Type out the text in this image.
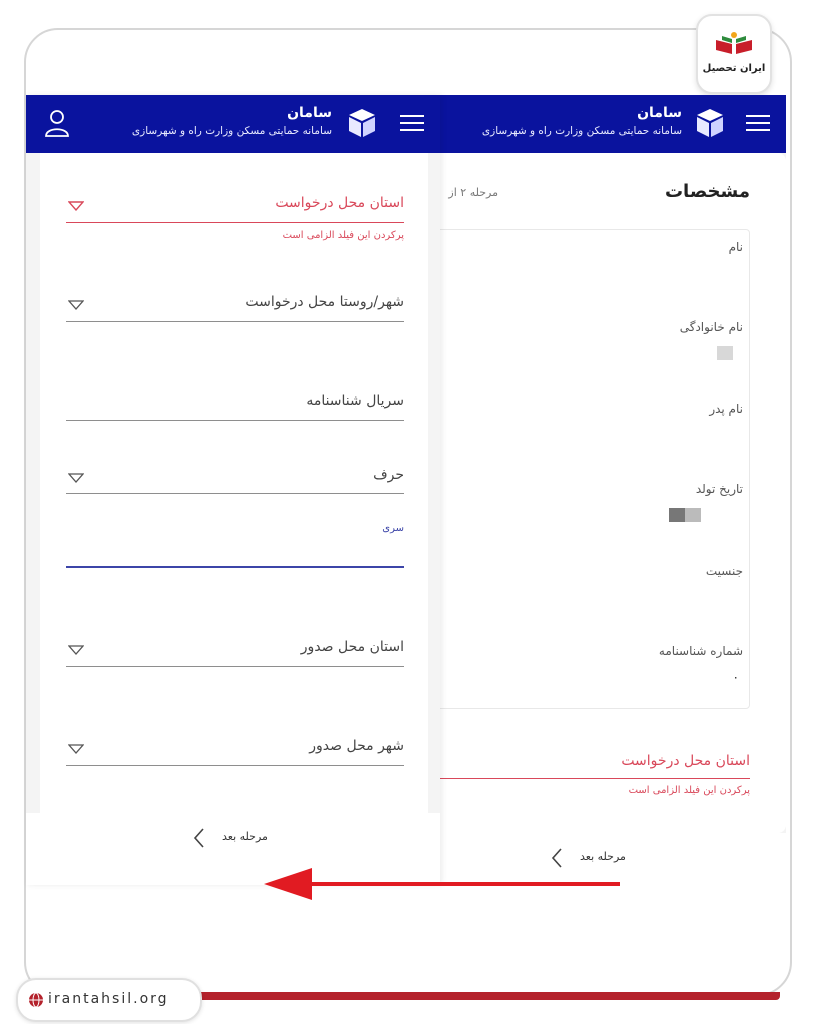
ایران تحصیل
سامان
سامانه حمایتی مسکن وزارت راه و شهرسازی
مشخصات
مرحله ۲ از
نام
نام خانوادگی
نام پدر
تاریخ تولد
جنسیت
شماره شناسنامه
۰
استان محل درخواست
پرکردن این فیلد الزامی است
مرحله بعد
سامان
سامانه حمایتی مسکن وزارت راه و شهرسازی
استان محل درخواست
پرکردن این فیلد الزامی است
شهر/روستا محل درخواست
سریال شناسنامه
حرف
سری
استان محل صدور
شهر محل صدور
مرحله بعد
irantahsil.org
